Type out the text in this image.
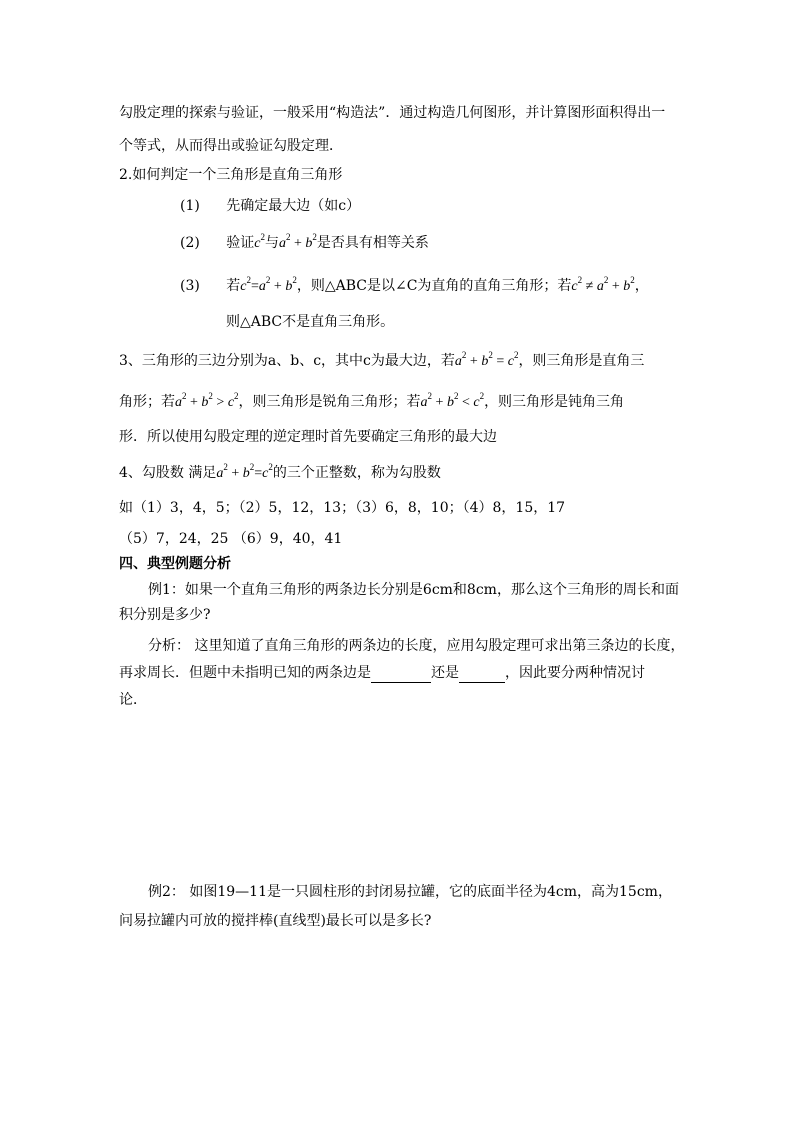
勾股定理的探索与验证，一般采用“构造法”．通过构造几何图形，并计算图形面积得出一
个等式，从而得出或验证勾股定理．
2.如何判定一个三角形是直角三角形
(1) 先确定最大边（如c）
(2) 验证$c^2$与$a^2 + b^2$是否具有相等关系
(3) 若$c^2=a^2 + b^2$，则△ABC是以∠C为直角的直角三角形；若$c^2 \ne a^2 + b^2$，
则△ABC不是直角三角形。
3、三角形的三边分别为a、b、c，其中c为最大边，若$a^2 + b^2 = c^2$，则三角形是直角三
角形；若$a^2 + b^2 > c^2$，则三角形是锐角三角形；若$a^2 + b^2 < c^2$，则三角形是钝角三角
形．所以使用勾股定理的逆定理时首先要确定三角形的最大边
4、勾股数 满足$a^2 + b^2=c^2$的三个正整数，称为勾股数
如（1）3，4，5；（2）5，12，13；（3）6，8，10；（4）8，15，17
（5）7，24，25 （6）9，40，41
四、典型例题分析
例1：如果一个直角三角形的两条边长分别是6cm和8cm，那么这个三角形的周长和面
积分别是多少?
分析： 这里知道了直角三角形的两条边的长度，应用勾股定理可求出第三条边的长度，
再求周长．但题中未指明已知的两条边是	还是	，因此要分两种情况讨
论．
例2： 如图19—11是一只圆柱形的封闭易拉罐，它的底面半径为4cm，高为15cm，
问易拉罐内可放的搅拌棒(直线型)最长可以是多长?
